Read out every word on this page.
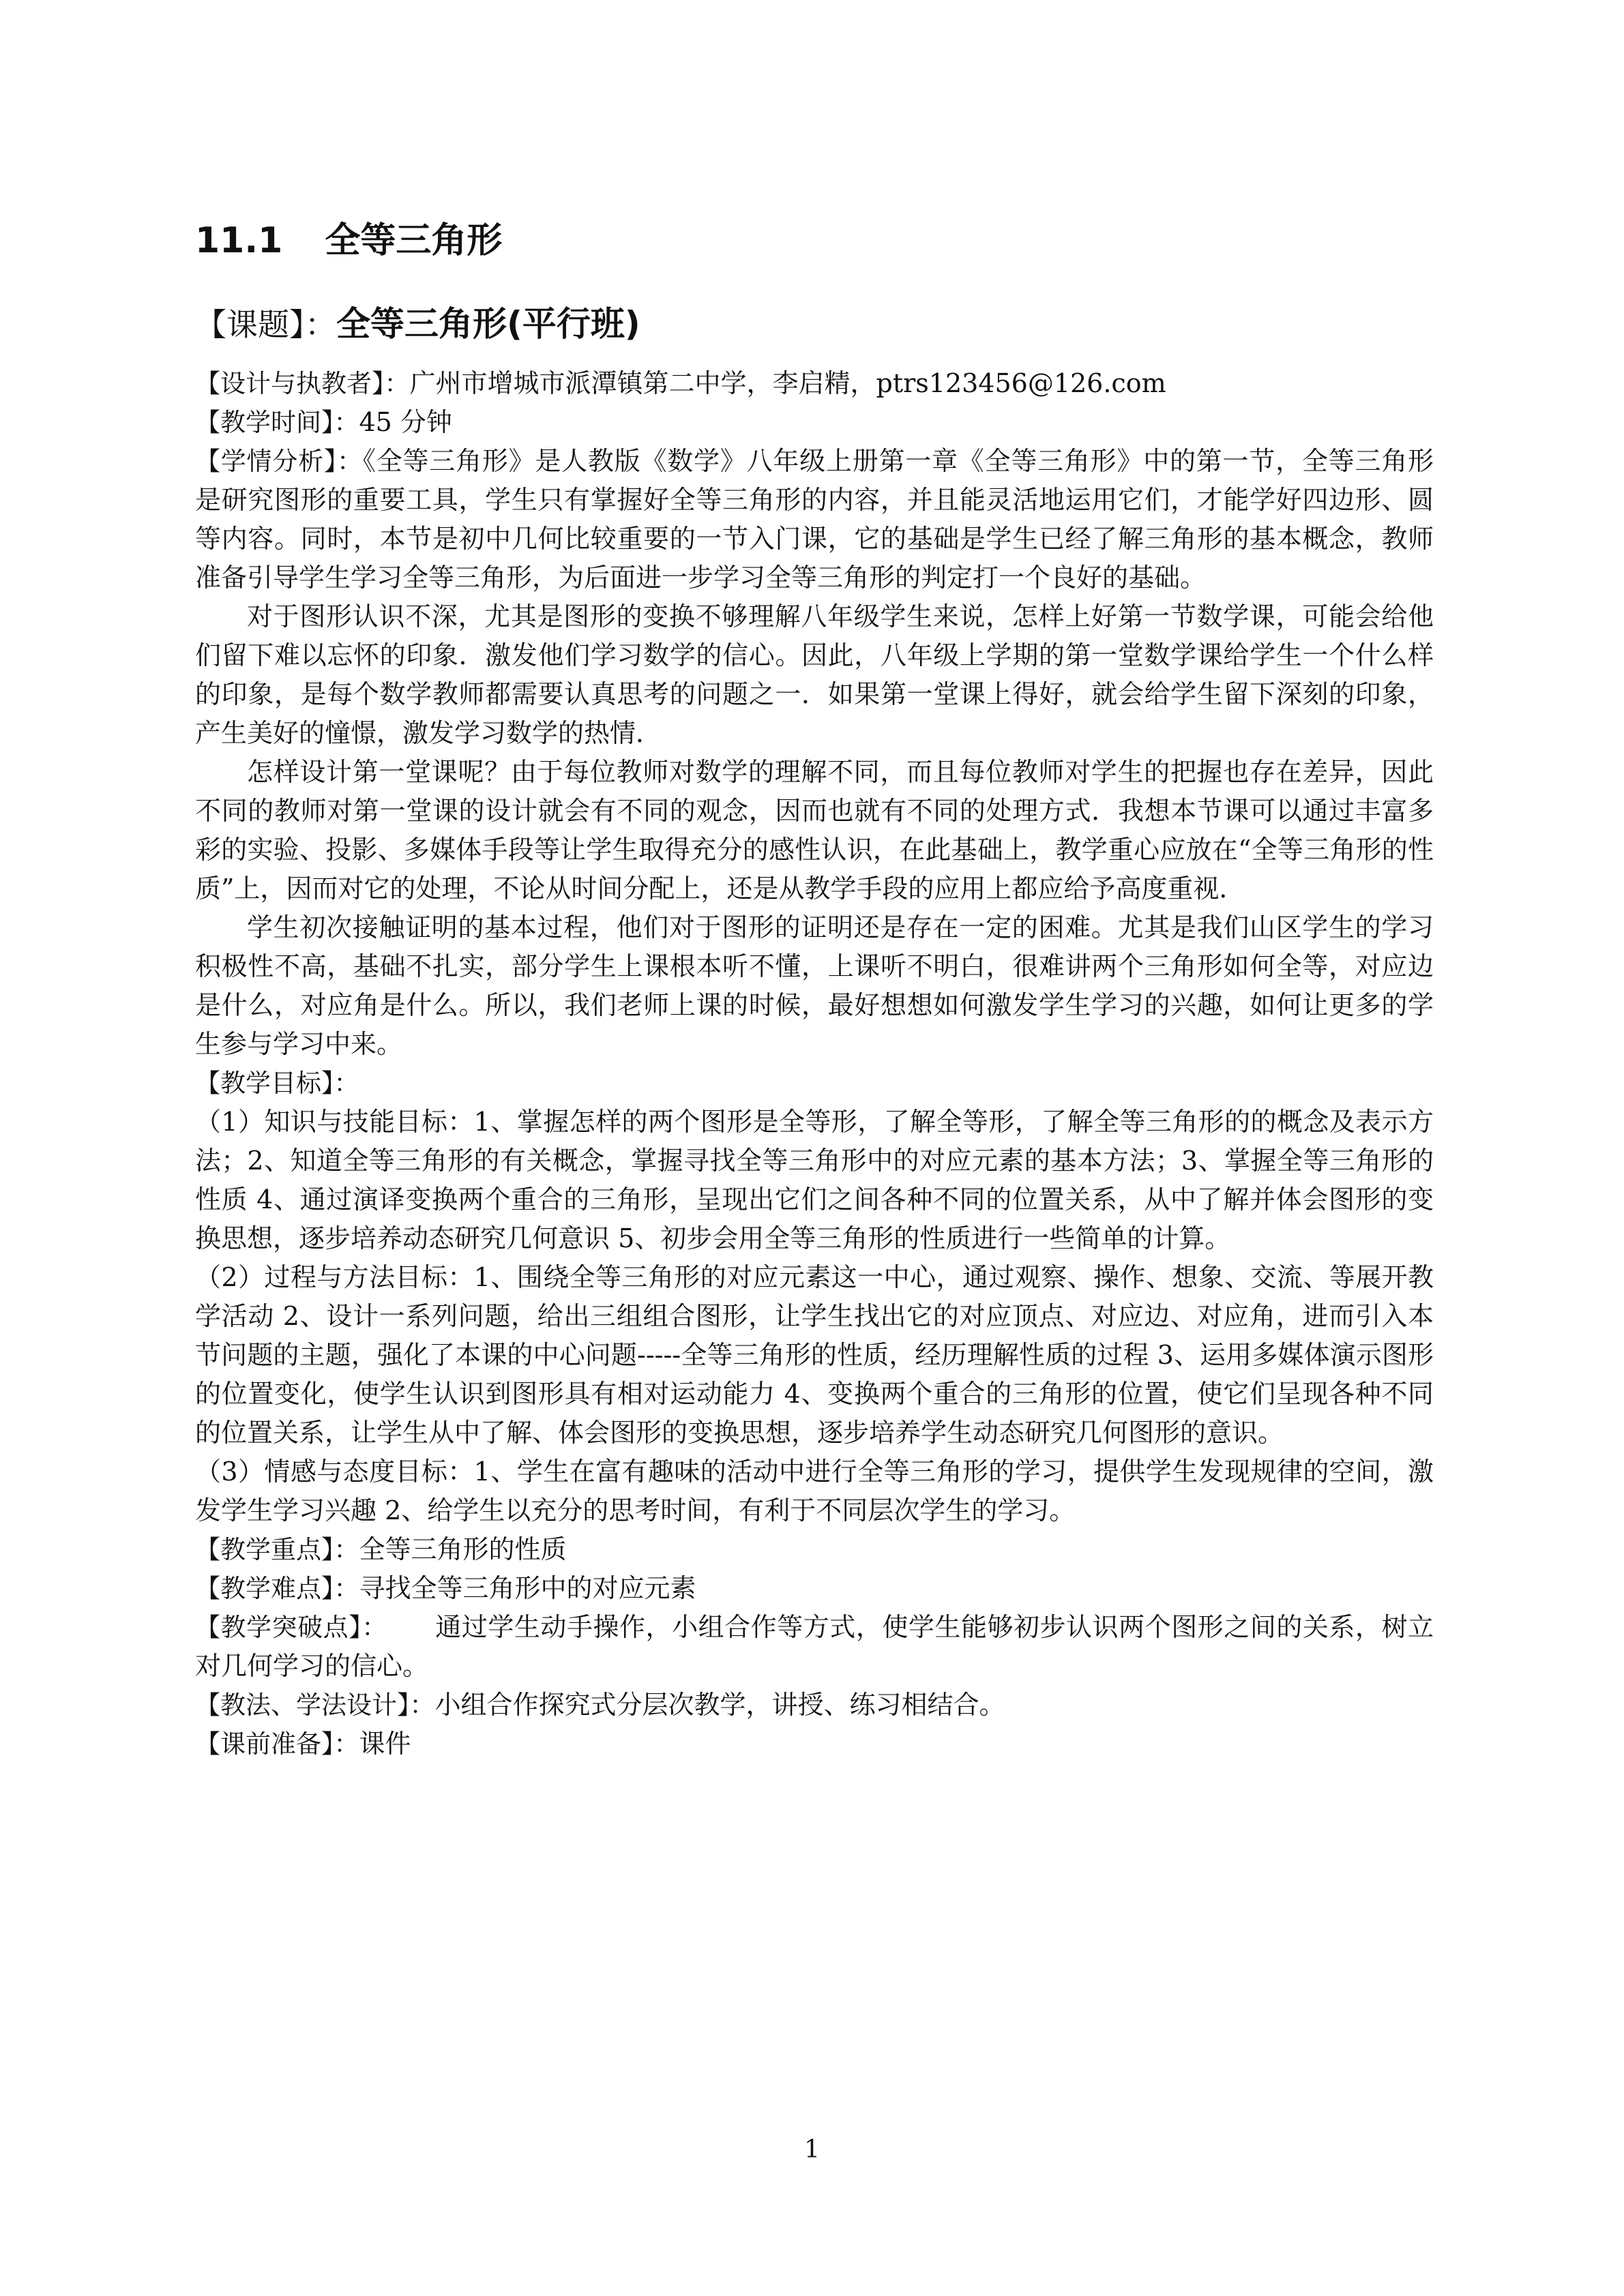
11.1 全等三角形
【课题】：全等三角形(平行班)

【设计与执教者】：广州市增城市派潭镇第二中学，李启精，ptrs123456@126.com

【教学时间】：45 分钟

【学情分析】：《全等三角形》是人教版《数学》八年级上册第一章《全等三角形》中的第一节，全等三角形是研究图形的重要工具，学生只有掌握好全等三角形的内容，并且能灵活地运用它们，才能学好四边形、圆等内容。同时，本节是初中几何比较重要的一节入门课，它的基础是学生已经了解三角形的基本概念，教师准备引导学生学习全等三角形，为后面进一步学习全等三角形的判定打一个良好的基础。

对于图形认识不深，尤其是图形的变换不够理解八年级学生来说，怎样上好第一节数学课，可能会给他们留下难以忘怀的印象．激发他们学习数学的信心。因此，八年级上学期的第一堂数学课给学生一个什么样的印象，是每个数学教师都需要认真思考的问题之一．如果第一堂课上得好，就会给学生留下深刻的印象，产生美好的憧憬，激发学习数学的热情．

怎样设计第一堂课呢？由于每位教师对数学的理解不同，而且每位教师对学生的把握也存在差异，因此不同的教师对第一堂课的设计就会有不同的观念，因而也就有不同的处理方式．我想本节课可以通过丰富多彩的实验、投影、多媒体手段等让学生取得充分的感性认识，在此基础上，教学重心应放在“全等三角形的性质”上，因而对它的处理，不论从时间分配上，还是从教学手段的应用上都应给予高度重视．

学生初次接触证明的基本过程，他们对于图形的证明还是存在一定的困难。尤其是我们山区学生的学习积极性不高，基础不扎实，部分学生上课根本听不懂，上课听不明白，很难讲两个三角形如何全等，对应边是什么，对应角是什么。所以，我们老师上课的时候，最好想想如何激发学生学习的兴趣，如何让更多的学生参与学习中来。

【教学目标】：

（1）知识与技能目标：1、掌握怎样的两个图形是全等形，了解全等形，了解全等三角形的的概念及表示方法；2、知道全等三角形的有关概念，掌握寻找全等三角形中的对应元素的基本方法；3、掌握全等三角形的性质 4、通过演译变换两个重合的三角形，呈现出它们之间各种不同的位置关系，从中了解并体会图形的变换思想，逐步培养动态研究几何意识 5、初步会用全等三角形的性质进行一些简单的计算。

（2）过程与方法目标：1、围绕全等三角形的对应元素这一中心，通过观察、操作、想象、交流、等展开教学活动 2、设计一系列问题，给出三组组合图形，让学生找出它的对应顶点、对应边、对应角，进而引入本节问题的主题，强化了本课的中心问题-----全等三角形的性质，经历理解性质的过程 3、运用多媒体演示图形的位置变化，使学生认识到图形具有相对运动能力 4、变换两个重合的三角形的位置，使它们呈现各种不同的位置关系，让学生从中了解、体会图形的变换思想，逐步培养学生动态研究几何图形的意识。

（3）情感与态度目标：1、学生在富有趣味的活动中进行全等三角形的学习，提供学生发现规律的空间，激发学生学习兴趣 2、给学生以充分的思考时间，有利于不同层次学生的学习。

【教学重点】：全等三角形的性质

【教学难点】：寻找全等三角形中的对应元素

【教学突破点】： 通过学生动手操作，小组合作等方式，使学生能够初步认识两个图形之间的关系，树立对几何学习的信心。

【教法、学法设计】：小组合作探究式分层次教学，讲授、练习相结合。

【课前准备】：课件

1
